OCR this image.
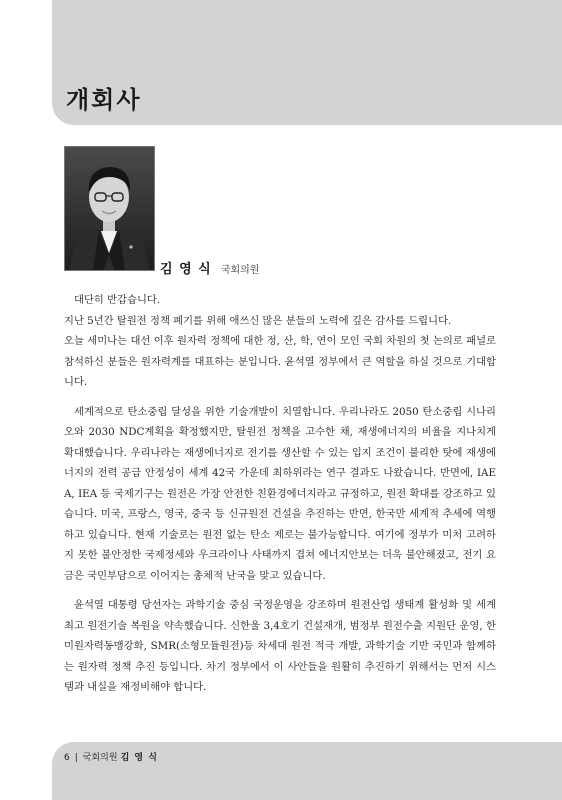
개회사
김 영 식 국회의원

대단히 반갑습니다.

지난 5년간 탈원전 정책 폐기를 위해 애쓰신 많은 분들의 노력에 깊은 감사를 드립니다.

오늘 세미나는 대선 이후 원자력 정책에 대한 정, 산, 학, 연이 모인 국회 차원의 첫 논의로 패널로 참석하신 분들은 원자력계를 대표하는 분입니다. 윤석열 정부에서 큰 역할을 하실 것으로 기대합니다.

세계적으로 탄소중립 달성을 위한 기술개발이 치열합니다. 우리나라도 2050 탄소중립 시나리오와 2030 NDC계획을 확정했지만, 탈원전 정책을 고수한 채, 재생에너지의 비율을 지나치게 확대했습니다. 우리나라는 재생에너지로 전기를 생산할 수 있는 입지 조건이 불리한 탓에 재생에너지의 전력 공급 안정성이 세계 42국 가운데 최하위라는 연구 결과도 나왔습니다. 반면에, IAEA, IEA 등 국제기구는 원전은 가장 안전한 친환경에너지라고 규정하고, 원전 확대를 강조하고 있습니다. 미국, 프랑스, 영국, 중국 등 신규원전 건설을 추진하는 반면, 한국만 세계적 추세에 역행하고 있습니다. 현재 기술로는 원전 없는 탄소 제로는 불가능합니다. 여기에 정부가 미처 고려하지 못한 불안정한 국제정세와 우크라이나 사태까지 겹쳐 에너지안보는 더욱 불안해졌고, 전기 요금은 국민부담으로 이어지는 총체적 난국을 맞고 있습니다.

윤석열 대통령 당선자는 과학기술 중심 국정운영을 강조하며 원전산업 생태계 활성화 및 세계 최고 원전기술 복원을 약속했습니다. 신한울 3,4호기 건설재개, 범정부 원전수출 지원단 운영, 한미원자력동맹강화, SMR(소형모듈원전)등 차세대 원전 적극 개발, 과학기술 기반 국민과 함께하는 원자력 정책 추진 등입니다. 차기 정부에서 이 사안들을 원활히 추진하기 위해서는 먼저 시스템과 내실을 재정비해야 합니다.

6 | 국회의원 김 영 식
